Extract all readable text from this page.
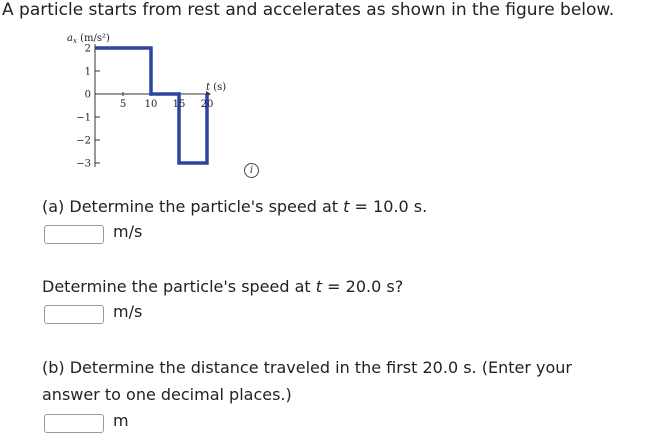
A particle starts from rest and accelerates as shown in the figure below.
2
1
0
−1
−2
−3
5 10 15 20
$a_x$ (m/s²)
t (s)
i
(a) Determine the particle's speed at t = 10.0 s.
m/s
Determine the particle's speed at t = 20.0 s?
m/s
(b) Determine the distance traveled in the first 20.0 s. (Enter your
answer to one decimal places.)
m
